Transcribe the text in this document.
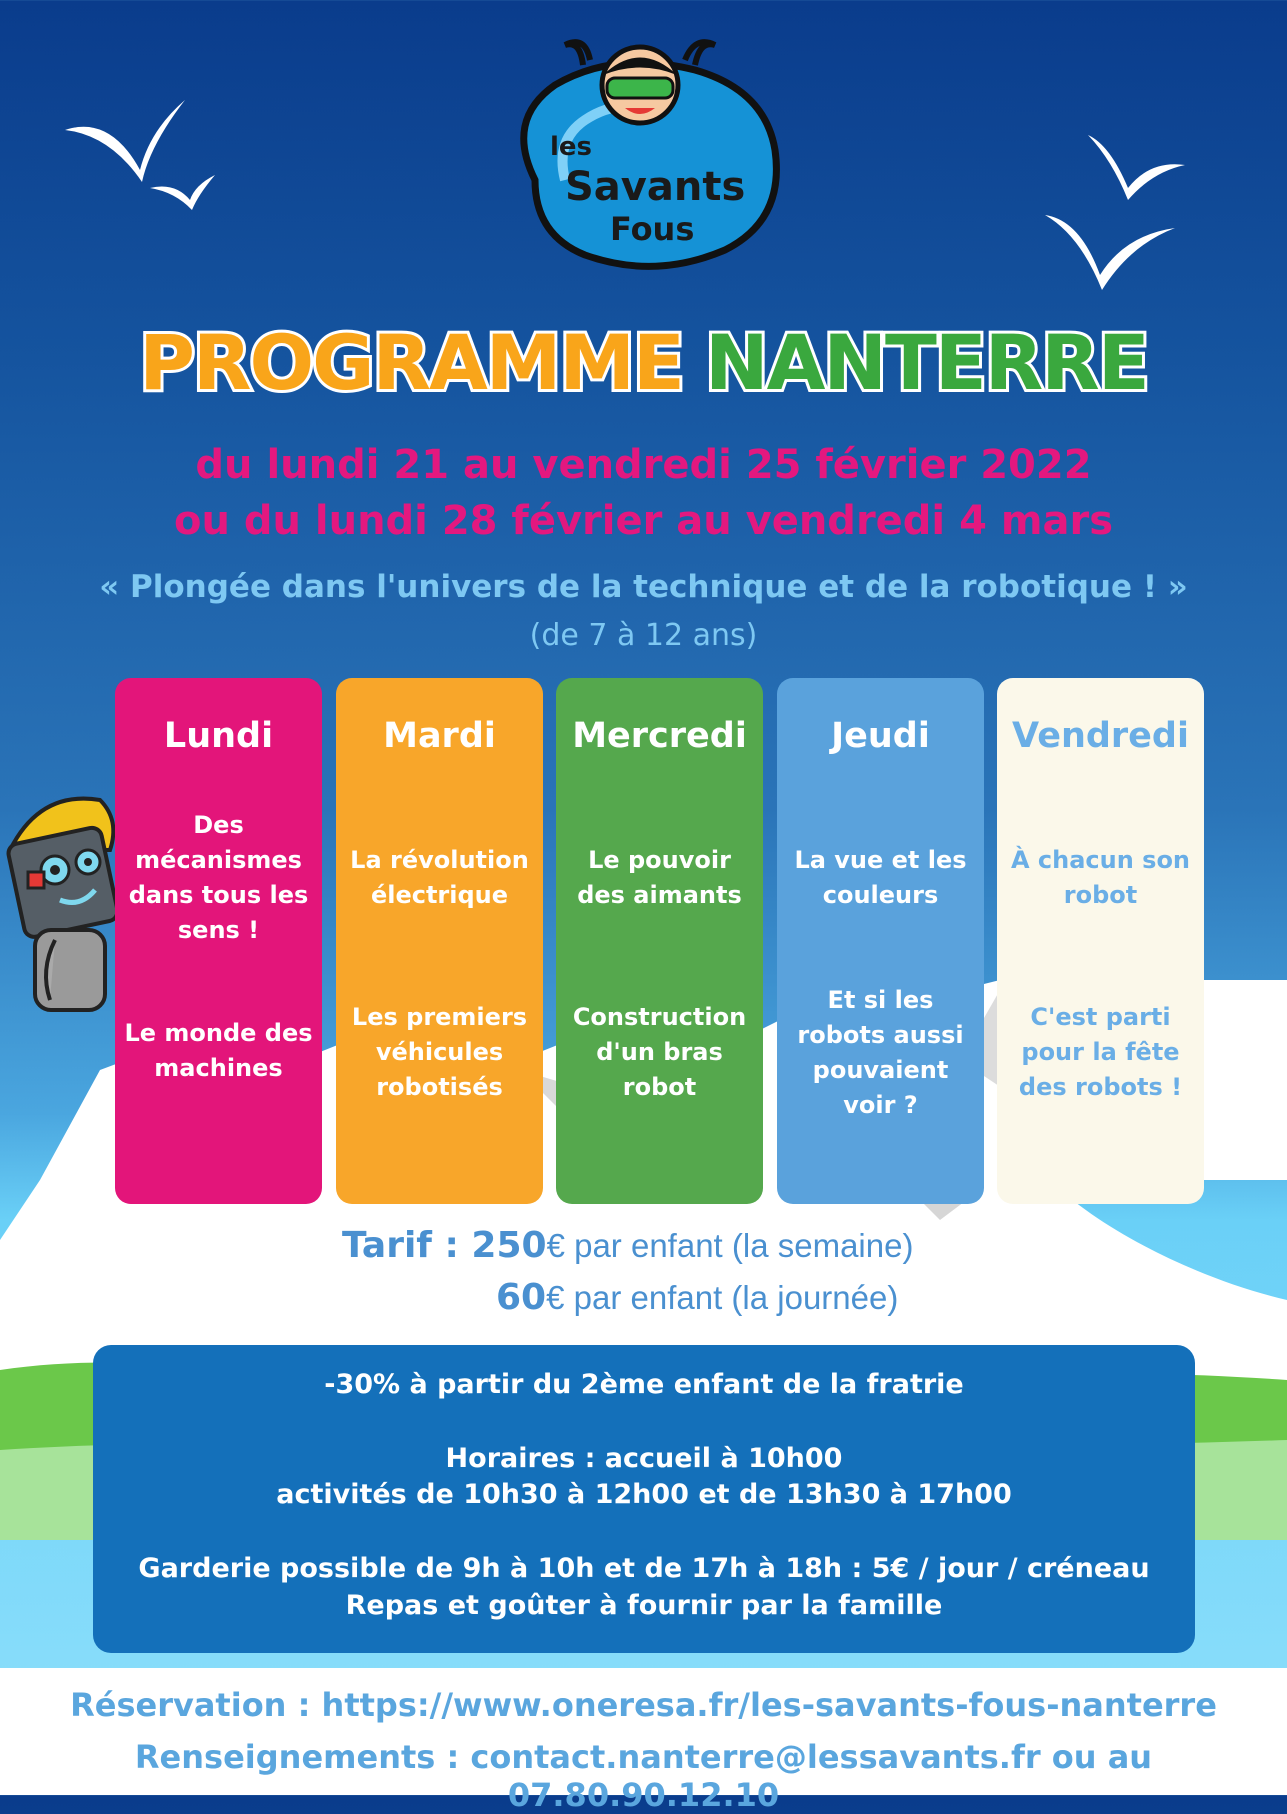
les
Savants
Fous
PROGRAMME NANTERRE
du lundi 21 au vendredi 25 février 2022
ou du lundi 28 février au vendredi 4 mars
« Plongée dans l'univers de la technique et de la robotique ! »
(de 7 à 12 ans)
Lundi
Des mécanismes dans tous les sens !
Le monde des machines
Mardi
La révolution électrique
Les premiers véhicules robotisés
Mercredi
Le pouvoir des aimants
Construction d'un bras robot
Jeudi
La vue et les couleurs
Et si les robots aussi pouvaient voir ?
Vendredi
À chacun son robot
C'est parti pour la fête des robots !
Tarif : 250€ par enfant (la semaine)
60€ par enfant (la journée)
-30% à partir du 2ème enfant de la fratrie
Horaires : accueil à 10h00
activités de 10h30 à 12h00 et de 13h30 à 17h00
Garderie possible de 9h à 10h et de 17h à 18h : 5€ / jour / créneau
Repas et goûter à fournir par la famille
Réservation : https://www.oneresa.fr/les-savants-fous-nanterre
Renseignements : contact.nanterre@lessavants.fr ou au 07.80.90.12.10
